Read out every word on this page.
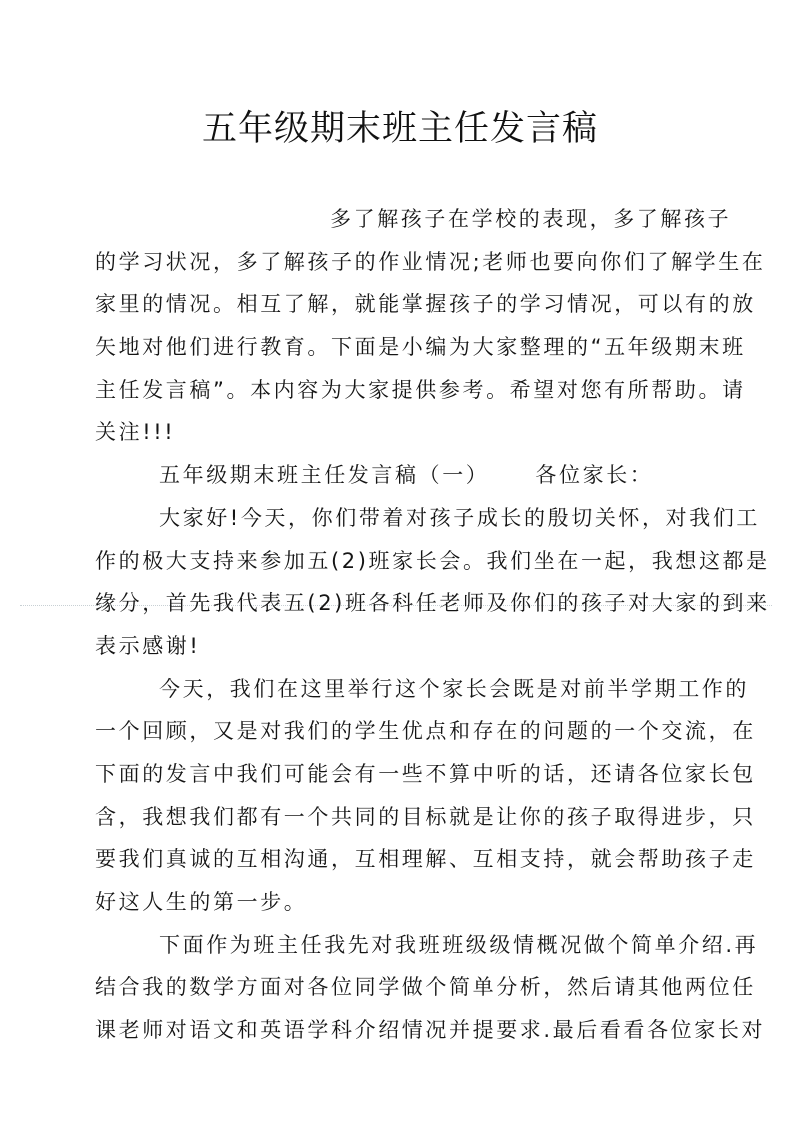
五年级期末班主任发言稿
多了解孩子在学校的表现，多了解孩子
的学习状况，多了解孩子的作业情况;老师也要向你们了解学生在
家里的情况。相互了解，就能掌握孩子的学习情况，可以有的放
矢地对他们进行教育。下面是小编为大家整理的“五年级期末班
主任发言稿”。本内容为大家提供参考。希望对您有所帮助。请
关注!!!
五年级期末班主任发言稿（一） 各位家长：
大家好!今天，你们带着对孩子成长的殷切关怀，对我们工
作的极大支持来参加五(2)班家长会。我们坐在一起，我想这都是
缘分，首先我代表五(2)班各科任老师及你们的孩子对大家的到来
表示感谢!
今天，我们在这里举行这个家长会既是对前半学期工作的
一个回顾，又是对我们的学生优点和存在的问题的一个交流，在
下面的发言中我们可能会有一些不算中听的话，还请各位家长包
含，我想我们都有一个共同的目标就是让你的孩子取得进步，只
要我们真诚的互相沟通，互相理解、互相支持，就会帮助孩子走
好这人生的第一步。
下面作为班主任我先对我班班级级情概况做个简单介绍.再
结合我的数学方面对各位同学做个简单分析，然后请其他两位任
课老师对语文和英语学科介绍情况并提要求.最后看看各位家长对
